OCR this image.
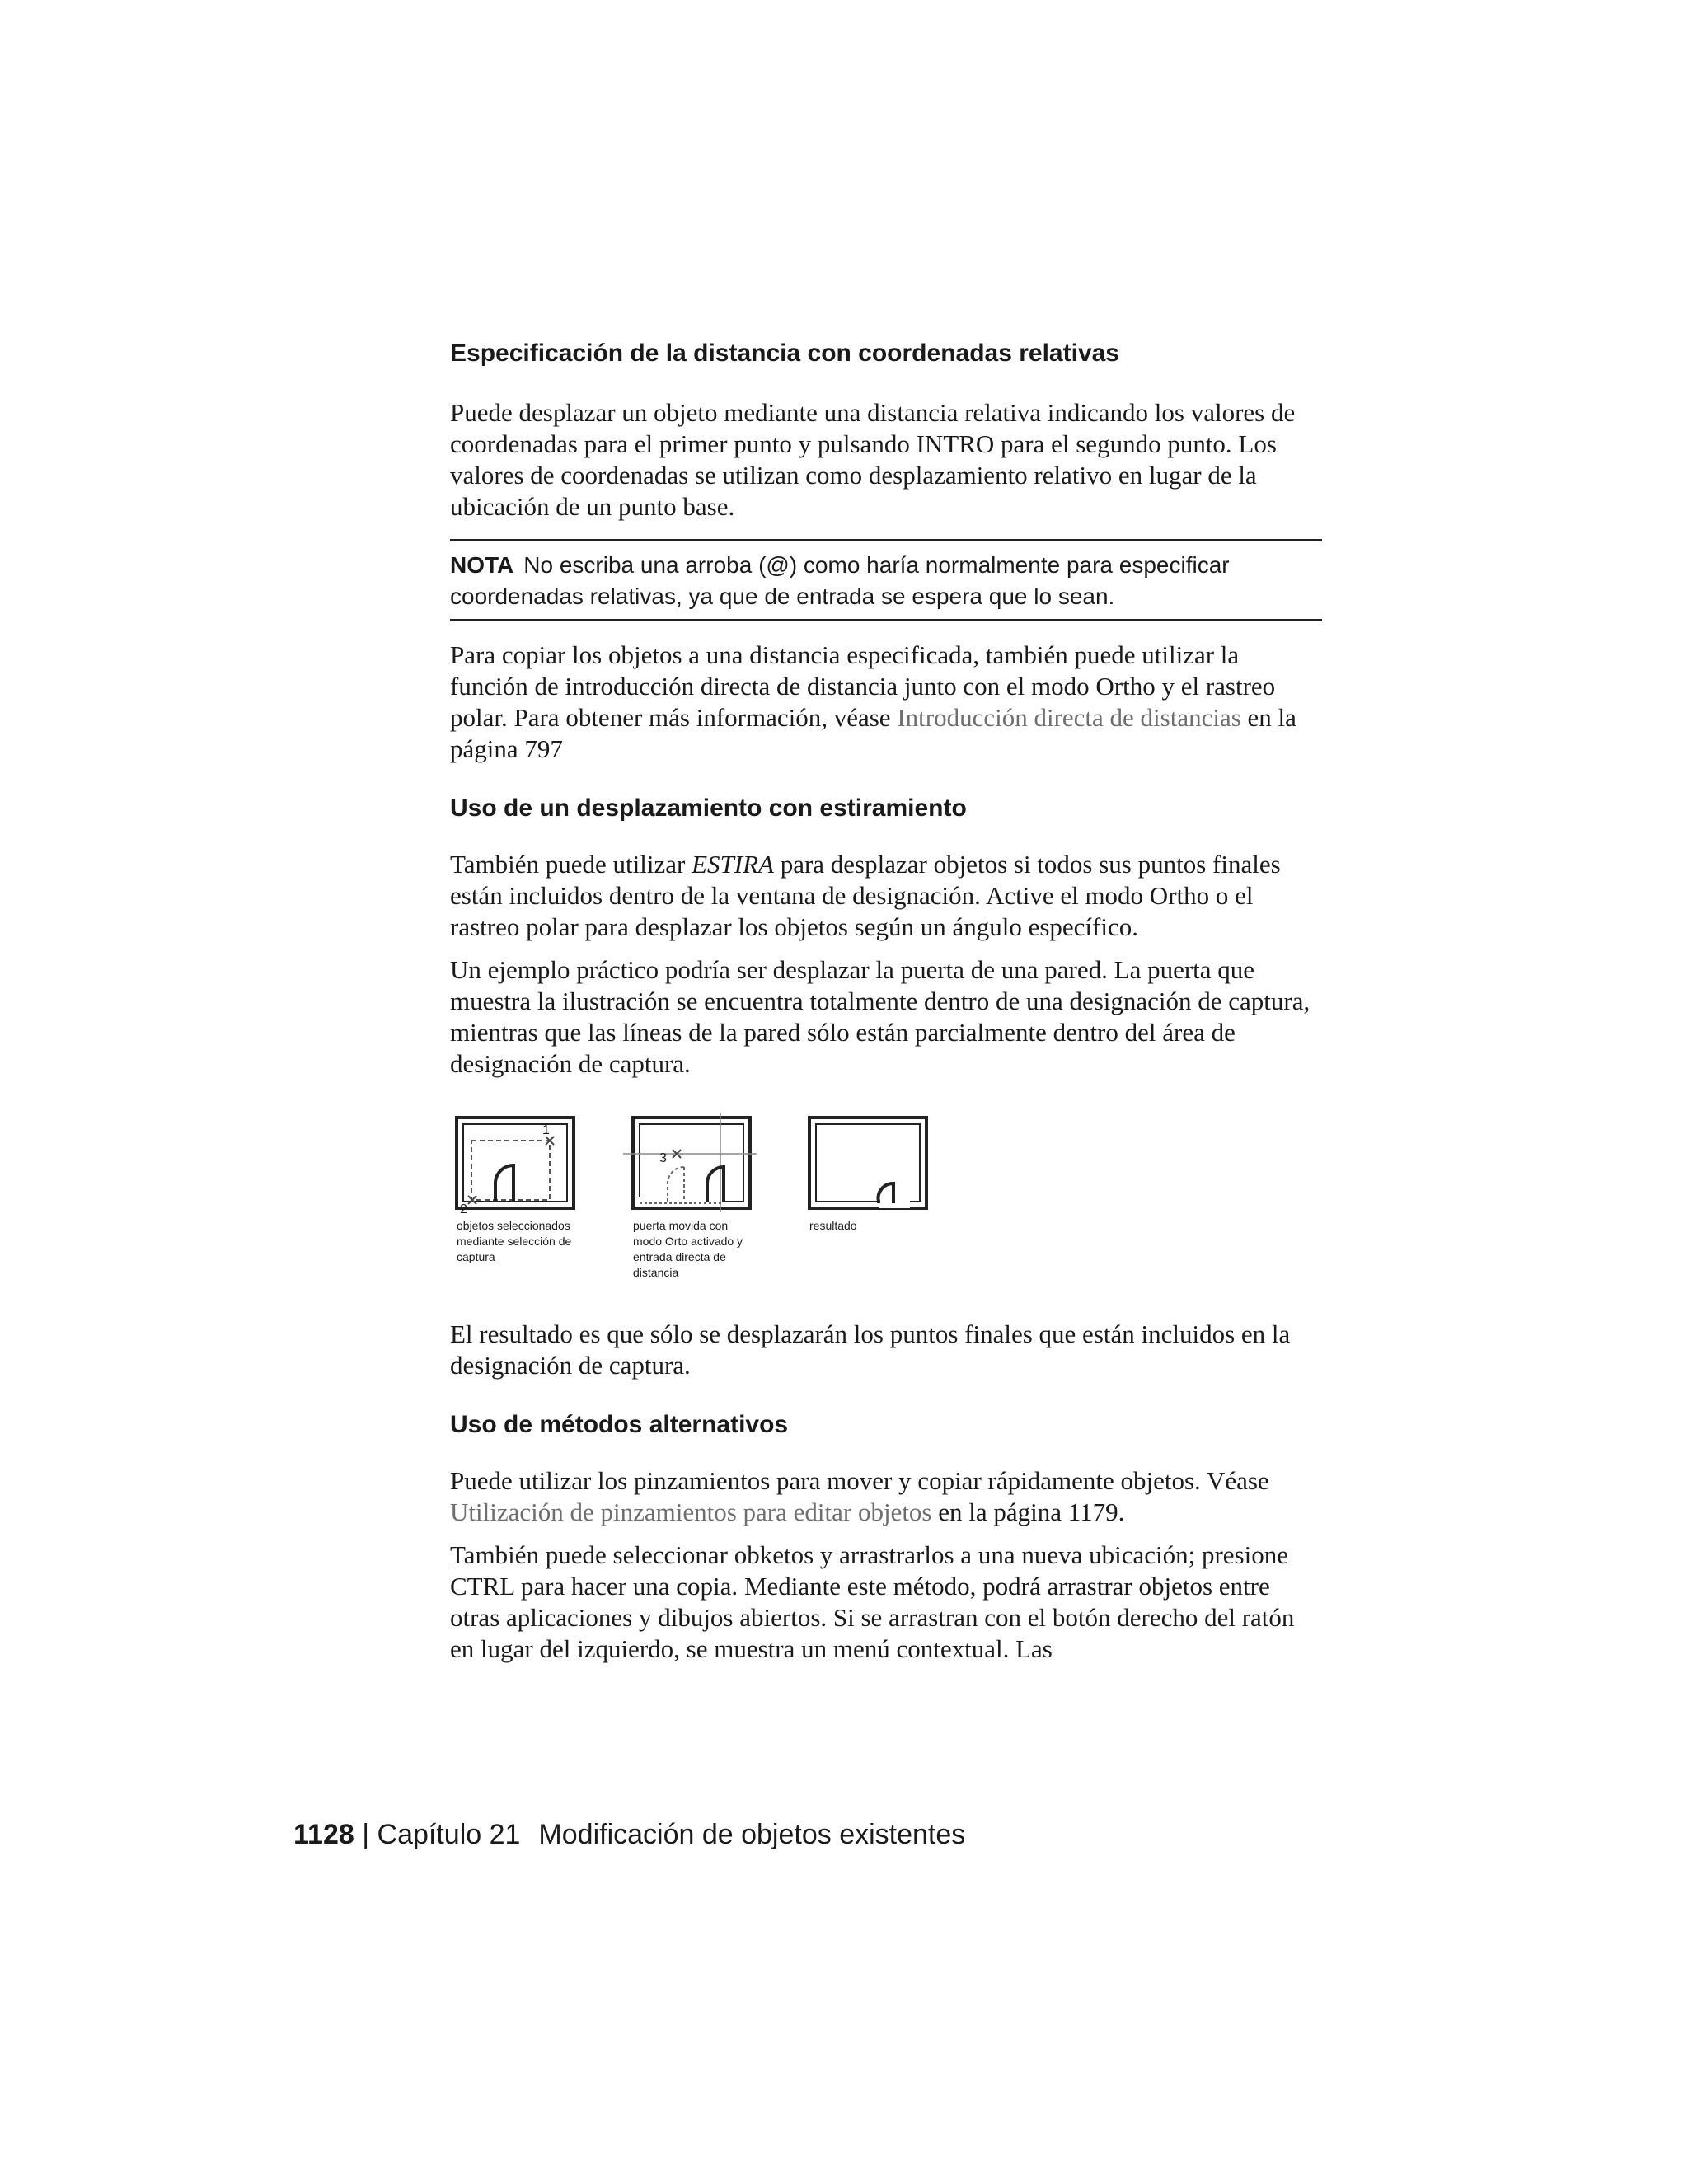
Especificación de la distancia con coordenadas relativas

Puede desplazar un objeto mediante una distancia relativa indicando los valores de coordenadas para el primer punto y pulsando INTRO para el segundo punto. Los valores de coordenadas se utilizan como desplazamiento relativo en lugar de la ubicación de un punto base.

NOTA No escriba una arroba (@) como haría normalmente para especificar coordenadas relativas, ya que de entrada se espera que lo sean.

Para copiar los objetos a una distancia especificada, también puede utilizar la función de introducción directa de distancia junto con el modo Ortho y el rastreo polar. Para obtener más información, véase Introducción directa de distancias en la página 797

Uso de un desplazamiento con estiramiento

También puede utilizar ESTIRA para desplazar objetos si todos sus puntos finales están incluidos dentro de la ventana de designación. Active el modo Ortho o el rastreo polar para desplazar los objetos según un ángulo específico.

Un ejemplo práctico podría ser desplazar la puerta de una pared. La puerta que muestra la ilustración se encuentra totalmente dentro de una designación de captura, mientras que las líneas de la pared sólo están parcialmente dentro del área de designación de captura.

1
2
3
objetos seleccionados
mediante selección de
captura
puerta movida con
modo Orto activado y
entrada directa de
distancia
resultado

El resultado es que sólo se desplazarán los puntos finales que están incluidos en la designación de captura.

Uso de métodos alternativos

Puede utilizar los pinzamientos para mover y copiar rápidamente objetos. Véase Utilización de pinzamientos para editar objetos en la página 1179.

También puede seleccionar obketos y arrastrarlos a una nueva ubicación; presione CTRL para hacer una copia. Mediante este método, podrá arrastrar objetos entre otras aplicaciones y dibujos abiertos. Si se arrastran con el botón derecho del ratón en lugar del izquierdo, se muestra un menú contextual. Las

1128 | Capítulo 21 Modificación de objetos existentes
